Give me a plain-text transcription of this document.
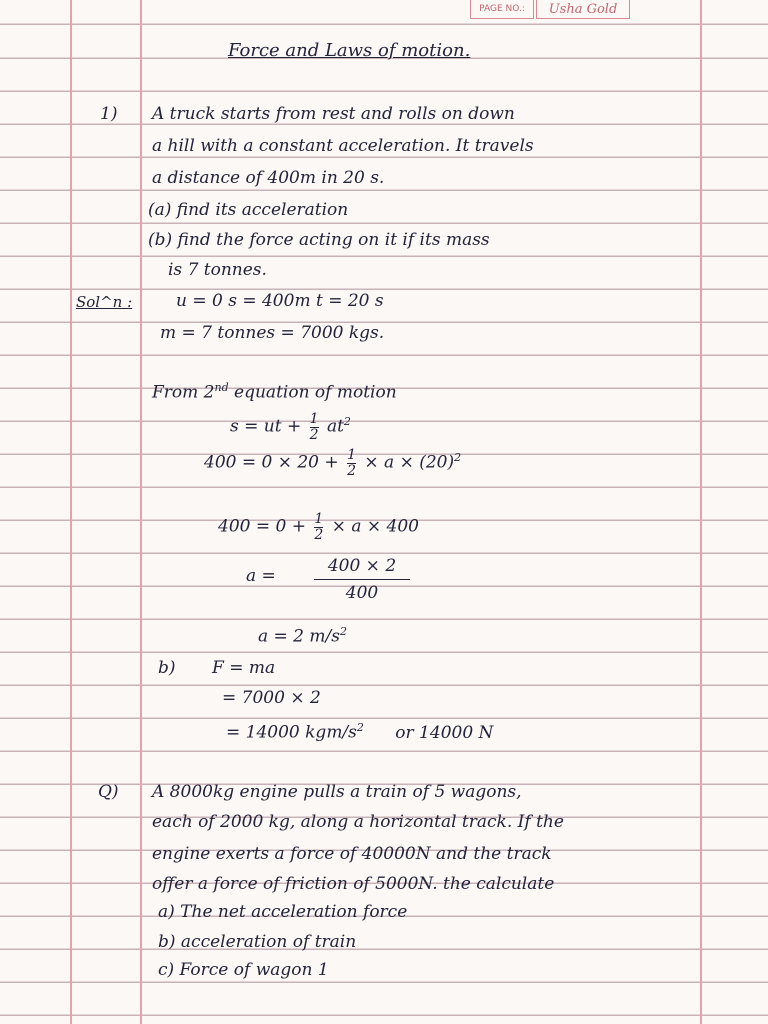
PAGE NO.: Usha Gold
Force and Laws of motion.
1) A truck starts from rest and rolls on down
a hill with a constant acceleration. It travels
a distance of 400m in 20 s.
(a) find its acceleration
(b) find the force acting on it if its mass
is 7 tonnes.
Sol^n :	u = 0 s = 400m t = 20 s
m = 7 tonnes = 7000 kgs.
From 2nd equation of motion
s = ut + $\frac{1}{2} at^2$
$400 = 0 \times 20 + \frac{1}{2} \times a \times (20)^2$
$400 = 0 + \frac{1}{2} \times a \times 400$
a =	400 × 2
400
a = 2 $m/s^2$
b) F = ma
= 7000 × 2
= 14000 kgm/$s^2$ or 14000 N
Q) A 8000kg engine pulls a train of 5 wagons,
each of 2000 kg, along a horizontal track. If the
engine exerts a force of 40000N and the track
offer a force of friction of 5000N. the calculate
a) The net acceleration force
b) acceleration of train
c) Force of wagon 1
